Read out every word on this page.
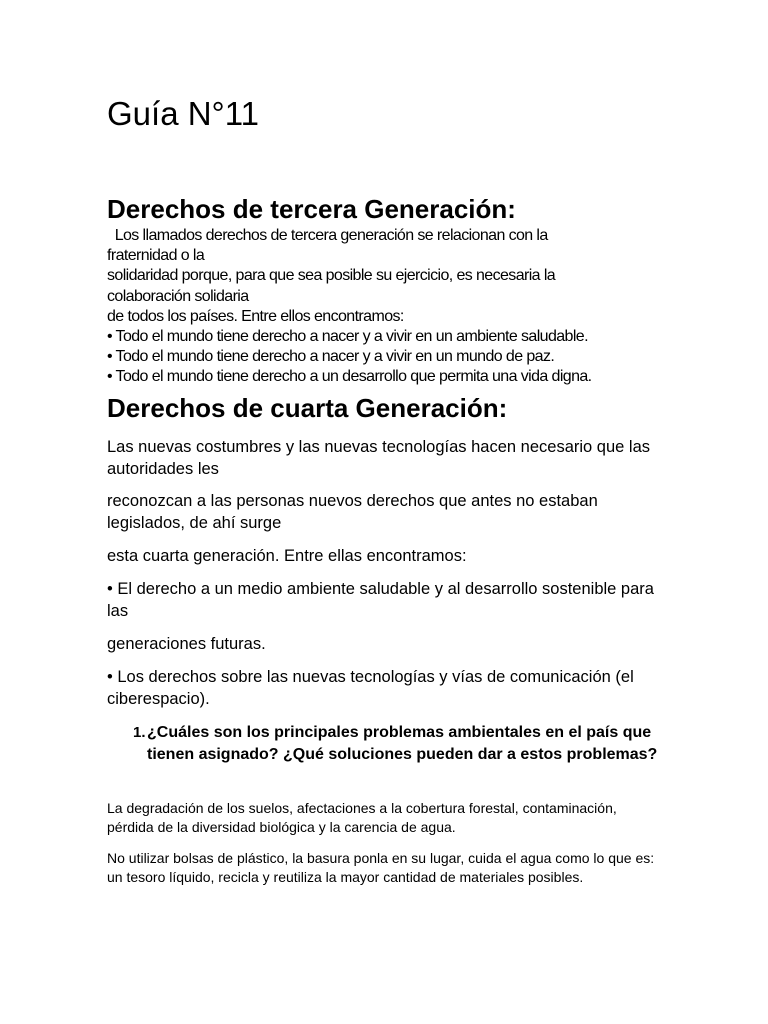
Guía N°11
Derechos de tercera Generación:
Los llamados derechos de tercera generación se relacionan con la
fraternidad o la
solidaridad porque, para que sea posible su ejercicio, es necesaria la
colaboración solidaria
de todos los países. Entre ellos encontramos:
• Todo el mundo tiene derecho a nacer y a vivir en un ambiente saludable.
• Todo el mundo tiene derecho a nacer y a vivir en un mundo de paz.
• Todo el mundo tiene derecho a un desarrollo que permita una vida digna.
Derechos de cuarta Generación:

Las nuevas costumbres y las nuevas tecnologías hacen necesario que las autoridades les

reconozcan a las personas nuevos derechos que antes no estaban legislados, de ahí surge

esta cuarta generación. Entre ellas encontramos:

• El derecho a un medio ambiente saludable y al desarrollo sostenible para las

generaciones futuras.

• Los derechos sobre las nuevas tecnologías y vías de comunicación (el ciberespacio).

1. ¿Cuáles son los principales problemas ambientales en el país que tienen asignado? ¿Qué soluciones pueden dar a estos problemas?

La degradación de los suelos, afectaciones a la cobertura forestal, contaminación, pérdida de la diversidad biológica y la carencia de agua.

No utilizar bolsas de plástico, la basura ponla en su lugar, cuida el agua como lo que es: un tesoro líquido, recicla y reutiliza la mayor cantidad de materiales posibles.
